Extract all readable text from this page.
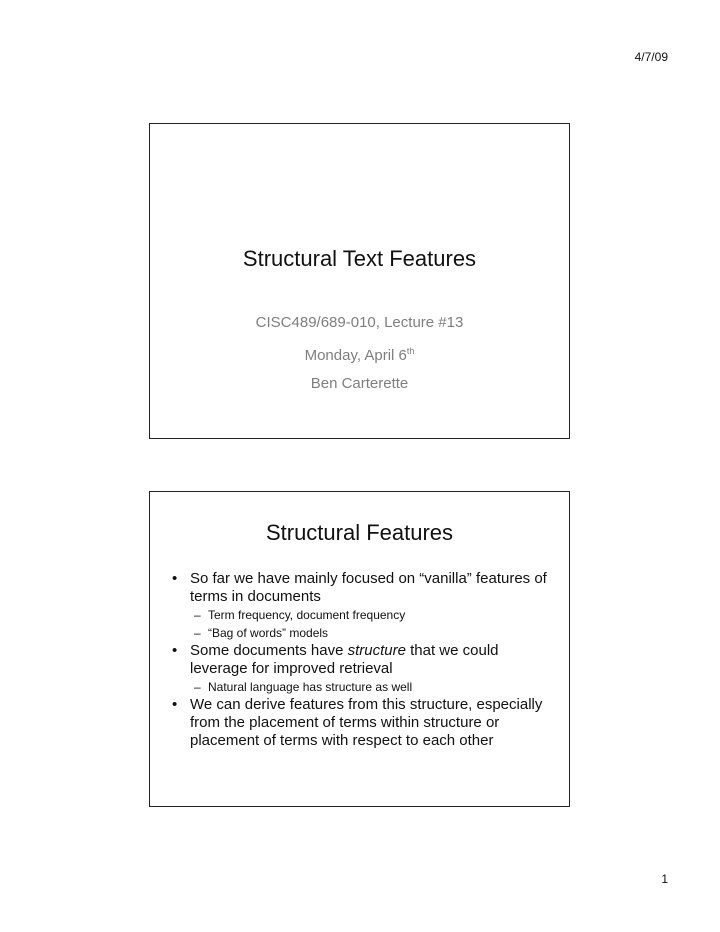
4/7/09
Structural Text Features
CISC489/689-010, Lecture #13
Monday, April 6th
Ben Carterette
Structural Features
• So far we have mainly focused on “vanilla” features of terms in documents
– Term frequency, document frequency
– “Bag of words” models
• Some documents have structure that we could leverage for improved retrieval
– Natural language has structure as well
• We can derive features from this structure, especially from the placement of terms within structure or placement of terms with respect to each other
1
